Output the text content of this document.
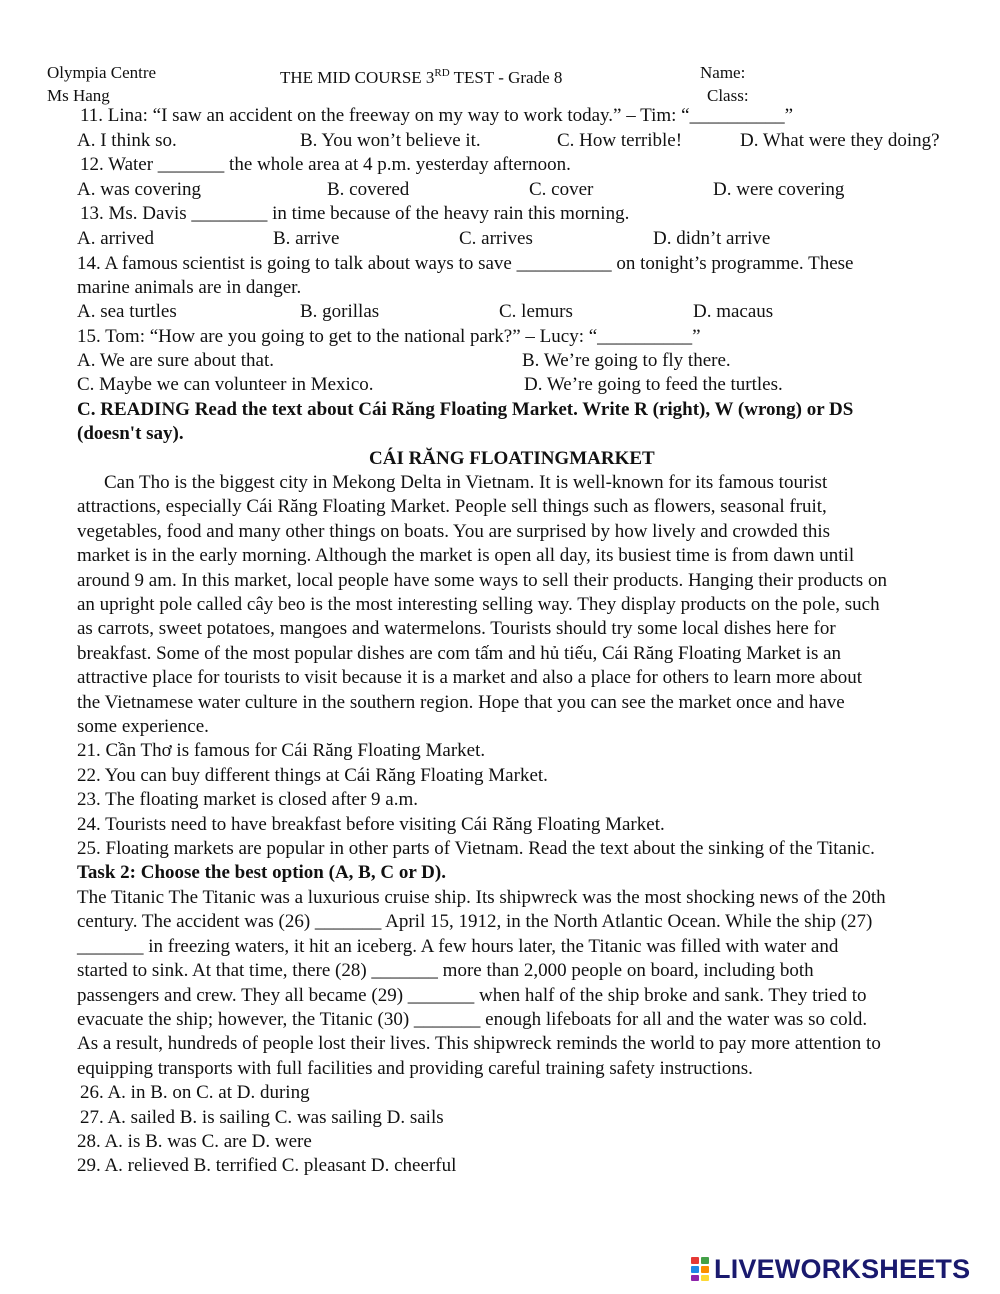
Olympia Centre	THE MID COURSE 3RD TEST - Grade 8	Name:
Ms Hang	Class:
11. Lina: “I saw an accident on the freeway on my way to work today.” – Tim: “__________”
A. I think so.	B. You won’t believe it.	C. How terrible!	D. What were they doing?
12. Water _______ the whole area at 4 p.m. yesterday afternoon.
A. was covering	B. covered	C. cover	D. were covering
13. Ms. Davis ________ in time because of the heavy rain this morning.
A. arrived	B. arrive	C. arrives	D. didn’t arrive
14. A famous scientist is going to talk about ways to save __________ on tonight’s programme. These
marine animals are in danger.
A. sea turtles	B. gorillas	C. lemurs	D. macaus
15. Tom: “How are you going to get to the national park?” – Lucy: “__________”
A. We are sure about that.	B. We’re going to fly there.
C. Maybe we can volunteer in Mexico.	D. We’re going to feed the turtles.
C. READING Read the text about Cái Răng Floating Market. Write R (right), W (wrong) or DS
(doesn't say).
CÁI RĂNG FLOATINGMARKET
Can Tho is the biggest city in Mekong Delta in Vietnam. It is well-known for its famous tourist
attractions, especially Cái Răng Floating Market. People sell things such as flowers, seasonal fruit,
vegetables, food and many other things on boats. You are surprised by how lively and crowded this
market is in the early morning. Although the market is open all day, its busiest time is from dawn until
around 9 am. In this market, local people have some ways to sell their products. Hanging their products on
an upright pole called cây beo is the most interesting selling way. They display products on the pole, such
as carrots, sweet potatoes, mangoes and watermelons. Tourists should try some local dishes here for
breakfast. Some of the most popular dishes are com tấm and hủ tiếu, Cái Răng Floating Market is an
attractive place for tourists to visit because it is a market and also a place for others to learn more about
the Vietnamese water culture in the southern region. Hope that you can see the market once and have
some experience.
21. Cần Thơ is famous for Cái Răng Floating Market.
22. You can buy different things at Cái Răng Floating Market.
23. The floating market is closed after 9 a.m.
24. Tourists need to have breakfast before visiting Cái Răng Floating Market.
25. Floating markets are popular in other parts of Vietnam. Read the text about the sinking of the Titanic.
Task 2: Choose the best option (A, B, C or D).
The Titanic The Titanic was a luxurious cruise ship. Its shipwreck was the most shocking news of the 20th
century. The accident was (26) _______ April 15, 1912, in the North Atlantic Ocean. While the ship (27)
_______ in freezing waters, it hit an iceberg. A few hours later, the Titanic was filled with water and
started to sink. At that time, there (28) _______ more than 2,000 people on board, including both
passengers and crew. They all became (29) _______ when half of the ship broke and sank. They tried to
evacuate the ship; however, the Titanic (30) _______ enough lifeboats for all and the water was so cold.
As a result, hundreds of people lost their lives. This shipwreck reminds the world to pay more attention to
equipping transports with full facilities and providing careful training safety instructions.
26. A. in B. on C. at D. during
27. A. sailed B. is sailing C. was sailing D. sails
28. A. is B. was C. are D. were
29. A. relieved B. terrified C. pleasant D. cheerful
LIVEWORKSHEETS
